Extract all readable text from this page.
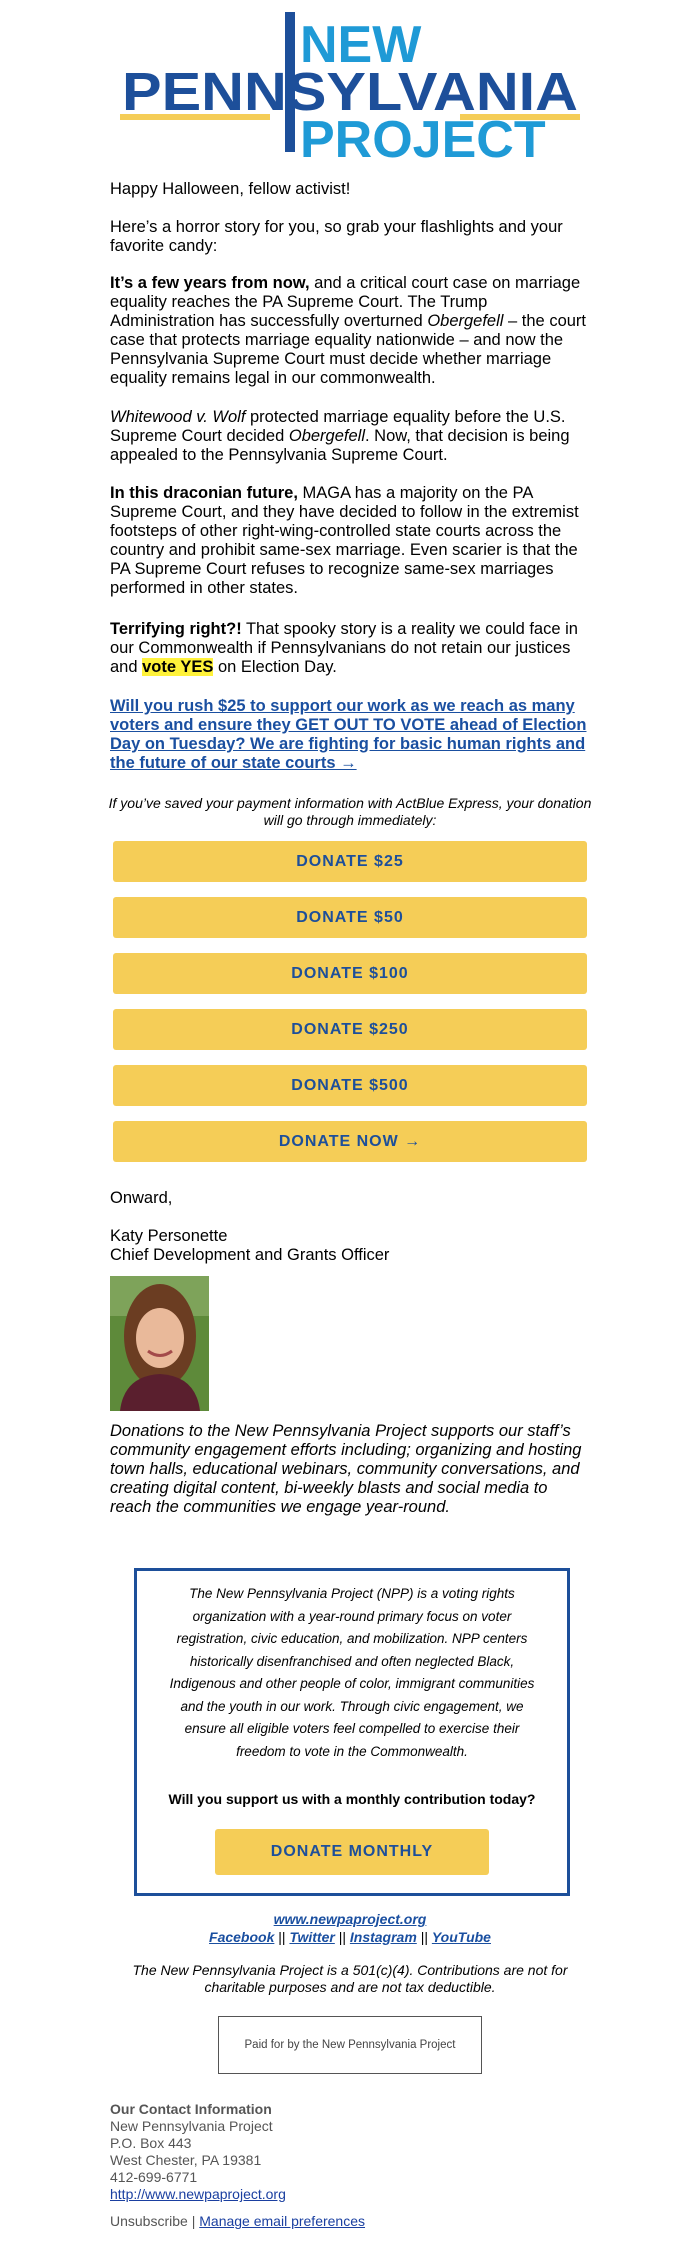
NEW
PENNSYLVANIA
PROJECT

Happy Halloween, fellow activist!

Here’s a horror story for you, so grab your flashlights and your favorite candy:

It’s a few years from now, and a critical court case on marriage equality reaches the PA Supreme Court. The Trump Administration has successfully overturned Obergefell – the court case that protects marriage equality nationwide – and now the Pennsylvania Supreme Court must decide whether marriage equality remains legal in our commonwealth.

Whitewood v. Wolf protected marriage equality before the U.S. Supreme Court decided Obergefell. Now, that decision is being appealed to the Pennsylvania Supreme Court.

In this draconian future, MAGA has a majority on the PA Supreme Court, and they have decided to follow in the extremist footsteps of other right-wing-controlled state courts across the country and prohibit same-sex marriage. Even scarier is that the PA Supreme Court refuses to recognize same-sex marriages performed in other states.

Terrifying right?! That spooky story is a reality we could face in our Commonwealth if Pennsylvanians do not retain our justices and vote YES on Election Day.

Will you rush $25 to support our work as we reach as many voters and ensure they GET OUT TO VOTE ahead of Election Day on Tuesday? We are fighting for basic human rights and the future of our state courts →
If you’ve saved your payment information with ActBlue Express, your donation will go through immediately:
DONATE $25
DONATE $50
DONATE $100
DONATE $250
DONATE $500
DONATE NOW →

Onward,

Katy Personette

Chief Development and Grants Officer

Donations to the New Pennsylvania Project supports our staff’s community engagement efforts including; organizing and hosting town halls, educational webinars, community conversations, and creating digital content, bi-weekly blasts and social media to reach the communities we engage year-round.

The New Pennsylvania Project (NPP) is a voting rights organization with a year-round primary focus on voter registration, civic education, and mobilization. NPP centers historically disenfranchised and often neglected Black, Indigenous and other people of color, immigrant communities and the youth in our work. Through civic engagement, we ensure all eligible voters feel compelled to exercise their freedom to vote in the Commonwealth.
Will you support us with a monthly contribution today?
DONATE MONTHLY
www.newpaproject.org
Facebook || Twitter || Instagram || YouTube
The New Pennsylvania Project is a 501(c)(4). Contributions are not for charitable purposes and are not tax deductible.
Paid for by the New Pennsylvania Project
Our Contact Information
New Pennsylvania Project
P.O. Box 443
West Chester, PA 19381
412-699-6771
http://www.newpaproject.org
Unsubscribe | Manage email preferences
